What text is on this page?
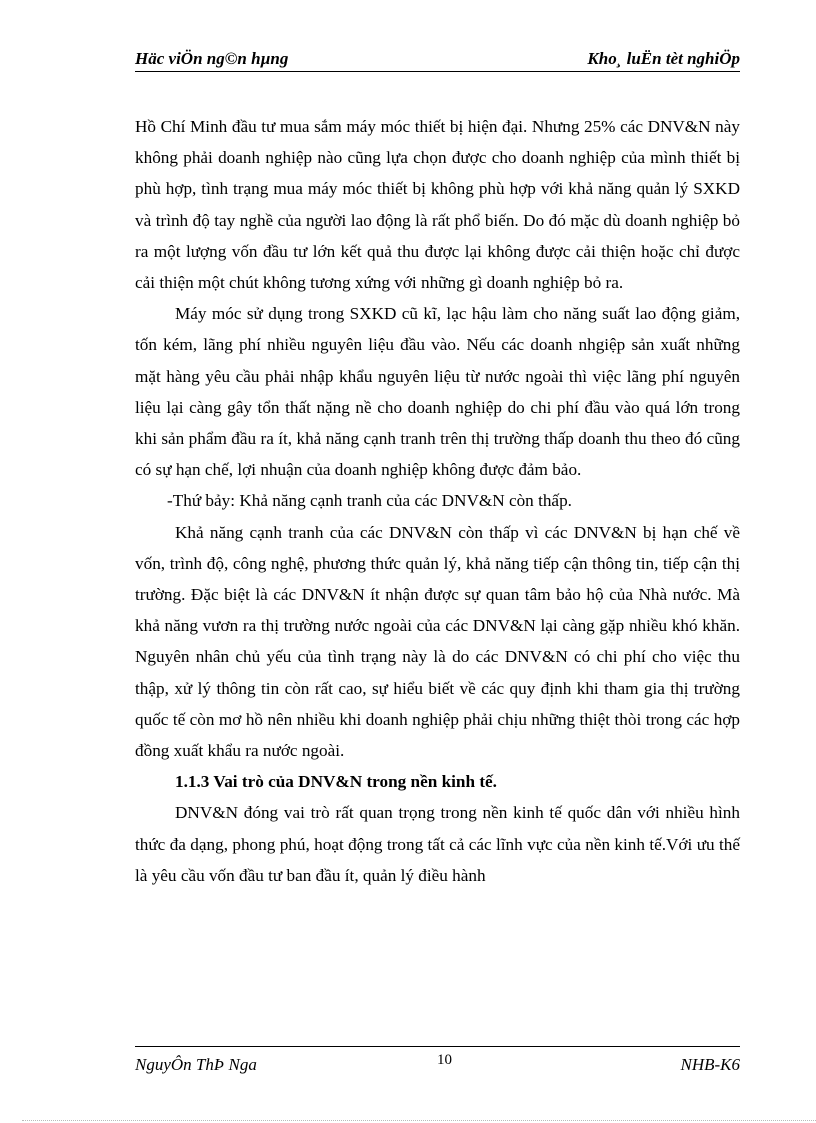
Häc viÖn ng©n hµng	Kho¸ luËn tèt nghiÖp

Hồ Chí Minh đầu tư mua sắm máy móc thiết bị hiện đại. Nhưng 25% các DNV&N này không phải doanh nghiệp nào cũng lựa chọn được cho doanh nghiệp của mình thiết bị phù hợp, tình trạng mua máy móc thiết bị không phù hợp với khả năng quản lý SXKD và trình độ tay nghề của người lao động là rất phổ biến. Do đó mặc dù doanh nghiệp bỏ ra một lượng vốn đầu tư lớn kết quả thu được lại không được cải thiện hoặc chỉ được cải thiện một chút không tương xứng với những gì doanh nghiệp bỏ ra.

Máy móc sử dụng trong SXKD cũ kĩ, lạc hậu làm cho năng suất lao động giảm, tốn kém, lãng phí nhiều nguyên liệu đầu vào. Nếu các doanh nhgiệp sản xuất những mặt hàng yêu cầu phải nhập khẩu nguyên liệu từ nước ngoài thì việc lãng phí nguyên liệu lại càng gây tổn thất nặng nề cho doanh nghiệp do chi phí đầu vào quá lớn trong khi sản phẩm đầu ra ít, khả năng cạnh tranh trên thị trường thấp doanh thu theo đó cũng có sự hạn chế, lợi nhuận của doanh nghiệp không được đảm bảo.

-Thứ bảy: Khả năng cạnh tranh của các DNV&N còn thấp.

Khả năng cạnh tranh của các DNV&N còn thấp vì các DNV&N bị hạn chế về vốn, trình độ, công nghệ, phương thức quản lý, khả năng tiếp cận thông tin, tiếp cận thị trường. Đặc biệt là các DNV&N ít nhận được sự quan tâm bảo hộ của Nhà nước. Mà khả năng vươn ra thị trường nước ngoài của các DNV&N lại càng gặp nhiều khó khăn. Nguyên nhân chủ yếu của tình trạng này là do các DNV&N có chi phí cho việc thu thập, xử lý thông tin còn rất cao, sự hiểu biết về các quy định khi tham gia thị trường quốc tế còn mơ hồ nên nhiều khi doanh nghiệp phải chịu những thiệt thòi trong các hợp đồng xuất khẩu ra nước ngoài.

1.1.3 Vai trò của DNV&N trong nền kinh tế.

DNV&N đóng vai trò rất quan trọng trong nền kinh tế quốc dân với nhiều hình thức đa dạng, phong phú, hoạt động trong tất cả các lĩnh vực của nền kinh tế.Với ưu thế là yêu cầu vốn đầu tư ban đầu ít, quản lý điều hành

NguyÔn ThÞ Nga	10	NHB-K6
